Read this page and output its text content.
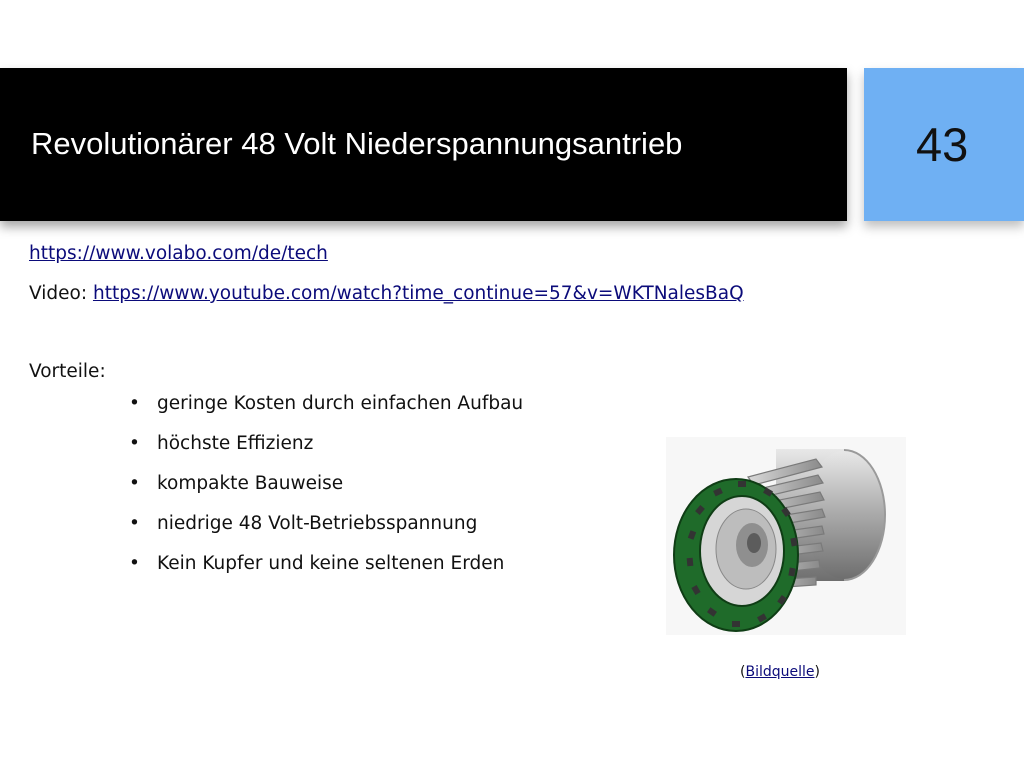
Revolutionärer 48 Volt Niederspannungsantrieb	43
https://www.volabo.com/de/tech
Video: https://www.youtube.com/watch?time_continue=57&v=WKTNalesBaQ
Vorteile:
• geringe Kosten durch einfachen Aufbau
• höchste Effizienz
• kompakte Bauweise
• niedrige 48 Volt-Betriebsspannung
• Kein Kupfer und keine seltenen Erden
(Bildquelle)
